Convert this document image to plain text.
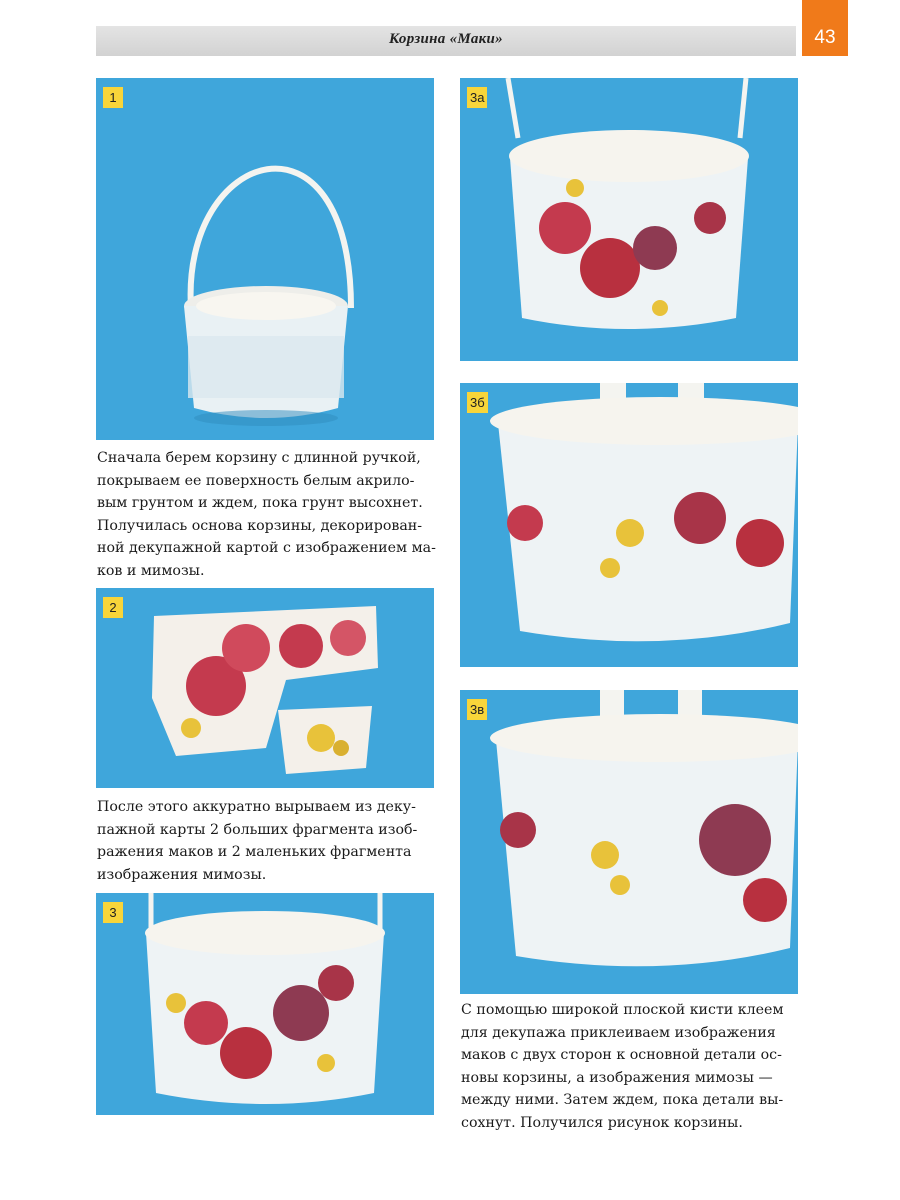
Корзина «Маки»	43
1

Сначала берем корзину с длинной ручкой,
покрываем ее поверхность белым акрило-
вым грунтом и ждем, пока грунт высохнет.
Получилась основа корзины, декорирован-
ной декупажной картой с изображением ма-
ков и мимозы.

2

После этого аккуратно вырываем из деку-
пажной карты 2 больших фрагмента изоб-
ражения маков и 2 маленьких фрагмента
изображения мимозы.

3
3а
3б
3в

С помощью широкой плоской кисти клеем
для декупажа приклеиваем изображения
маков с двух сторон к основной детали ос-
новы корзины, а изображения мимозы —
между ними. Затем ждем, пока детали вы-
сохнут. Получился рисунок корзины.
